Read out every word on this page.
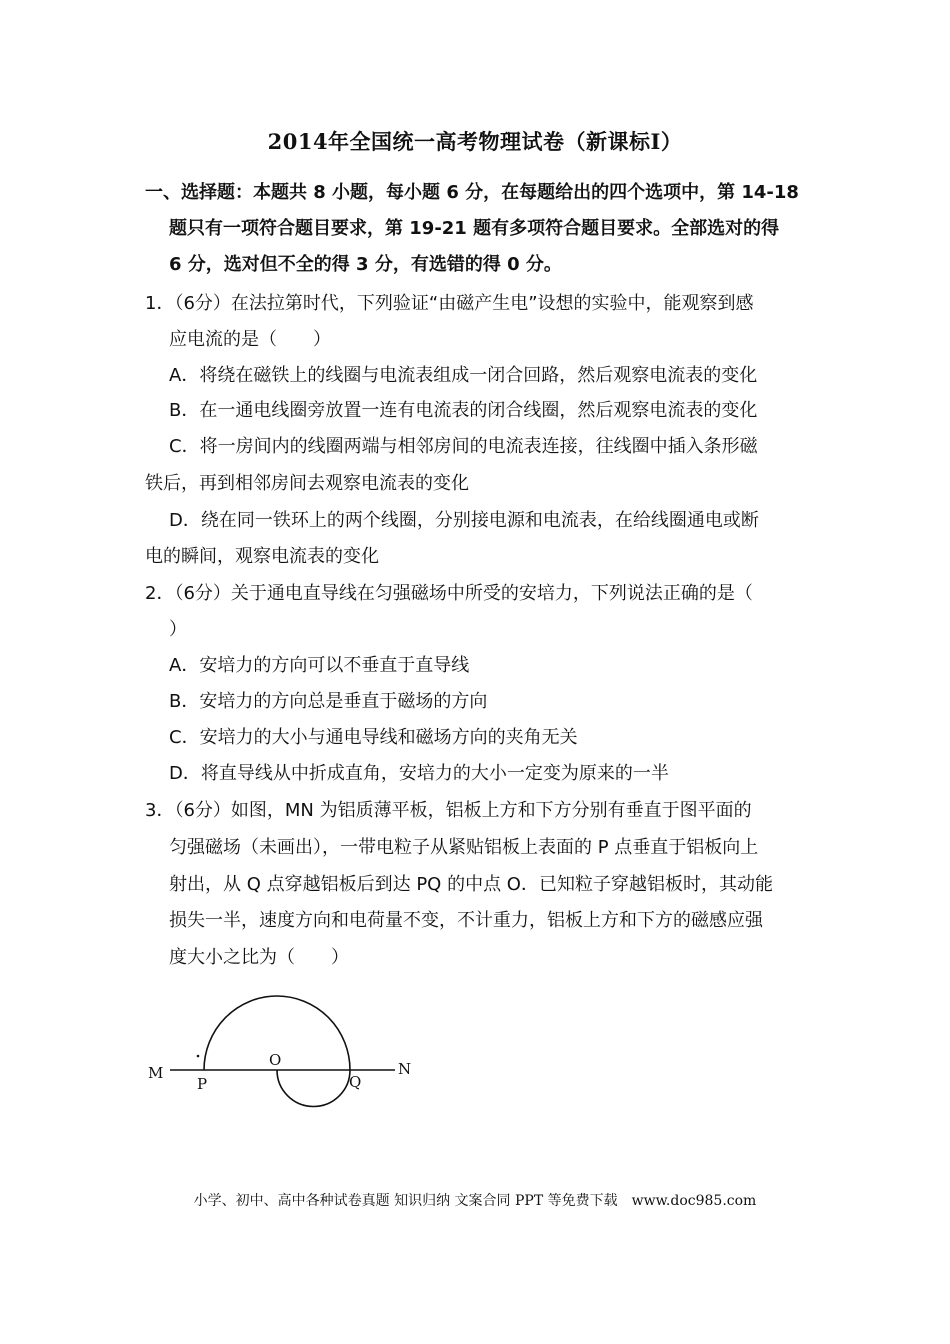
2014年全国统一高考物理试卷（新课标I）
一、选择题：本题共 8 小题，每小题 6 分，在每题给出的四个选项中，第 14-18
题只有一项符合题目要求，第 19-21 题有多项符合题目要求。全部选对的得
6 分，选对但不全的得 3 分，有选错的得 0 分。
1．（6分）在法拉第时代，下列验证“由磁产生电”设想的实验中，能观察到感
应电流的是（　　）
A．将绕在磁铁上的线圈与电流表组成一闭合回路，然后观察电流表的变化
B．在一通电线圈旁放置一连有电流表的闭合线圈，然后观察电流表的变化
C．将一房间内的线圈两端与相邻房间的电流表连接，往线圈中插入条形磁
铁后，再到相邻房间去观察电流表的变化
D．绕在同一铁环上的两个线圈，分别接电源和电流表，在给线圈通电或断
电的瞬间，观察电流表的变化
2．（6分）关于通电直导线在匀强磁场中所受的安培力，下列说法正确的是（
）
A．安培力的方向可以不垂直于直导线
B．安培力的方向总是垂直于磁场的方向
C．安培力的大小与通电导线和磁场方向的夹角无关
D．将直导线从中折成直角，安培力的大小一定变为原来的一半
3．（6分）如图，MN 为铝质薄平板，铝板上方和下方分别有垂直于图平面的
匀强磁场（未画出），一带电粒子从紧贴铝板上表面的 P 点垂直于铝板向上
射出，从 Q 点穿越铝板后到达 PQ 的中点 O．已知粒子穿越铝板时，其动能
损失一半，速度方向和电荷量不变，不计重力，铝板上方和下方的磁感应强
度大小之比为（　　）
M	N
P
O
Q
小学、初中、高中各种试卷真题 知识归纳 文案合同 PPT 等免费下载　www.doc985.com
